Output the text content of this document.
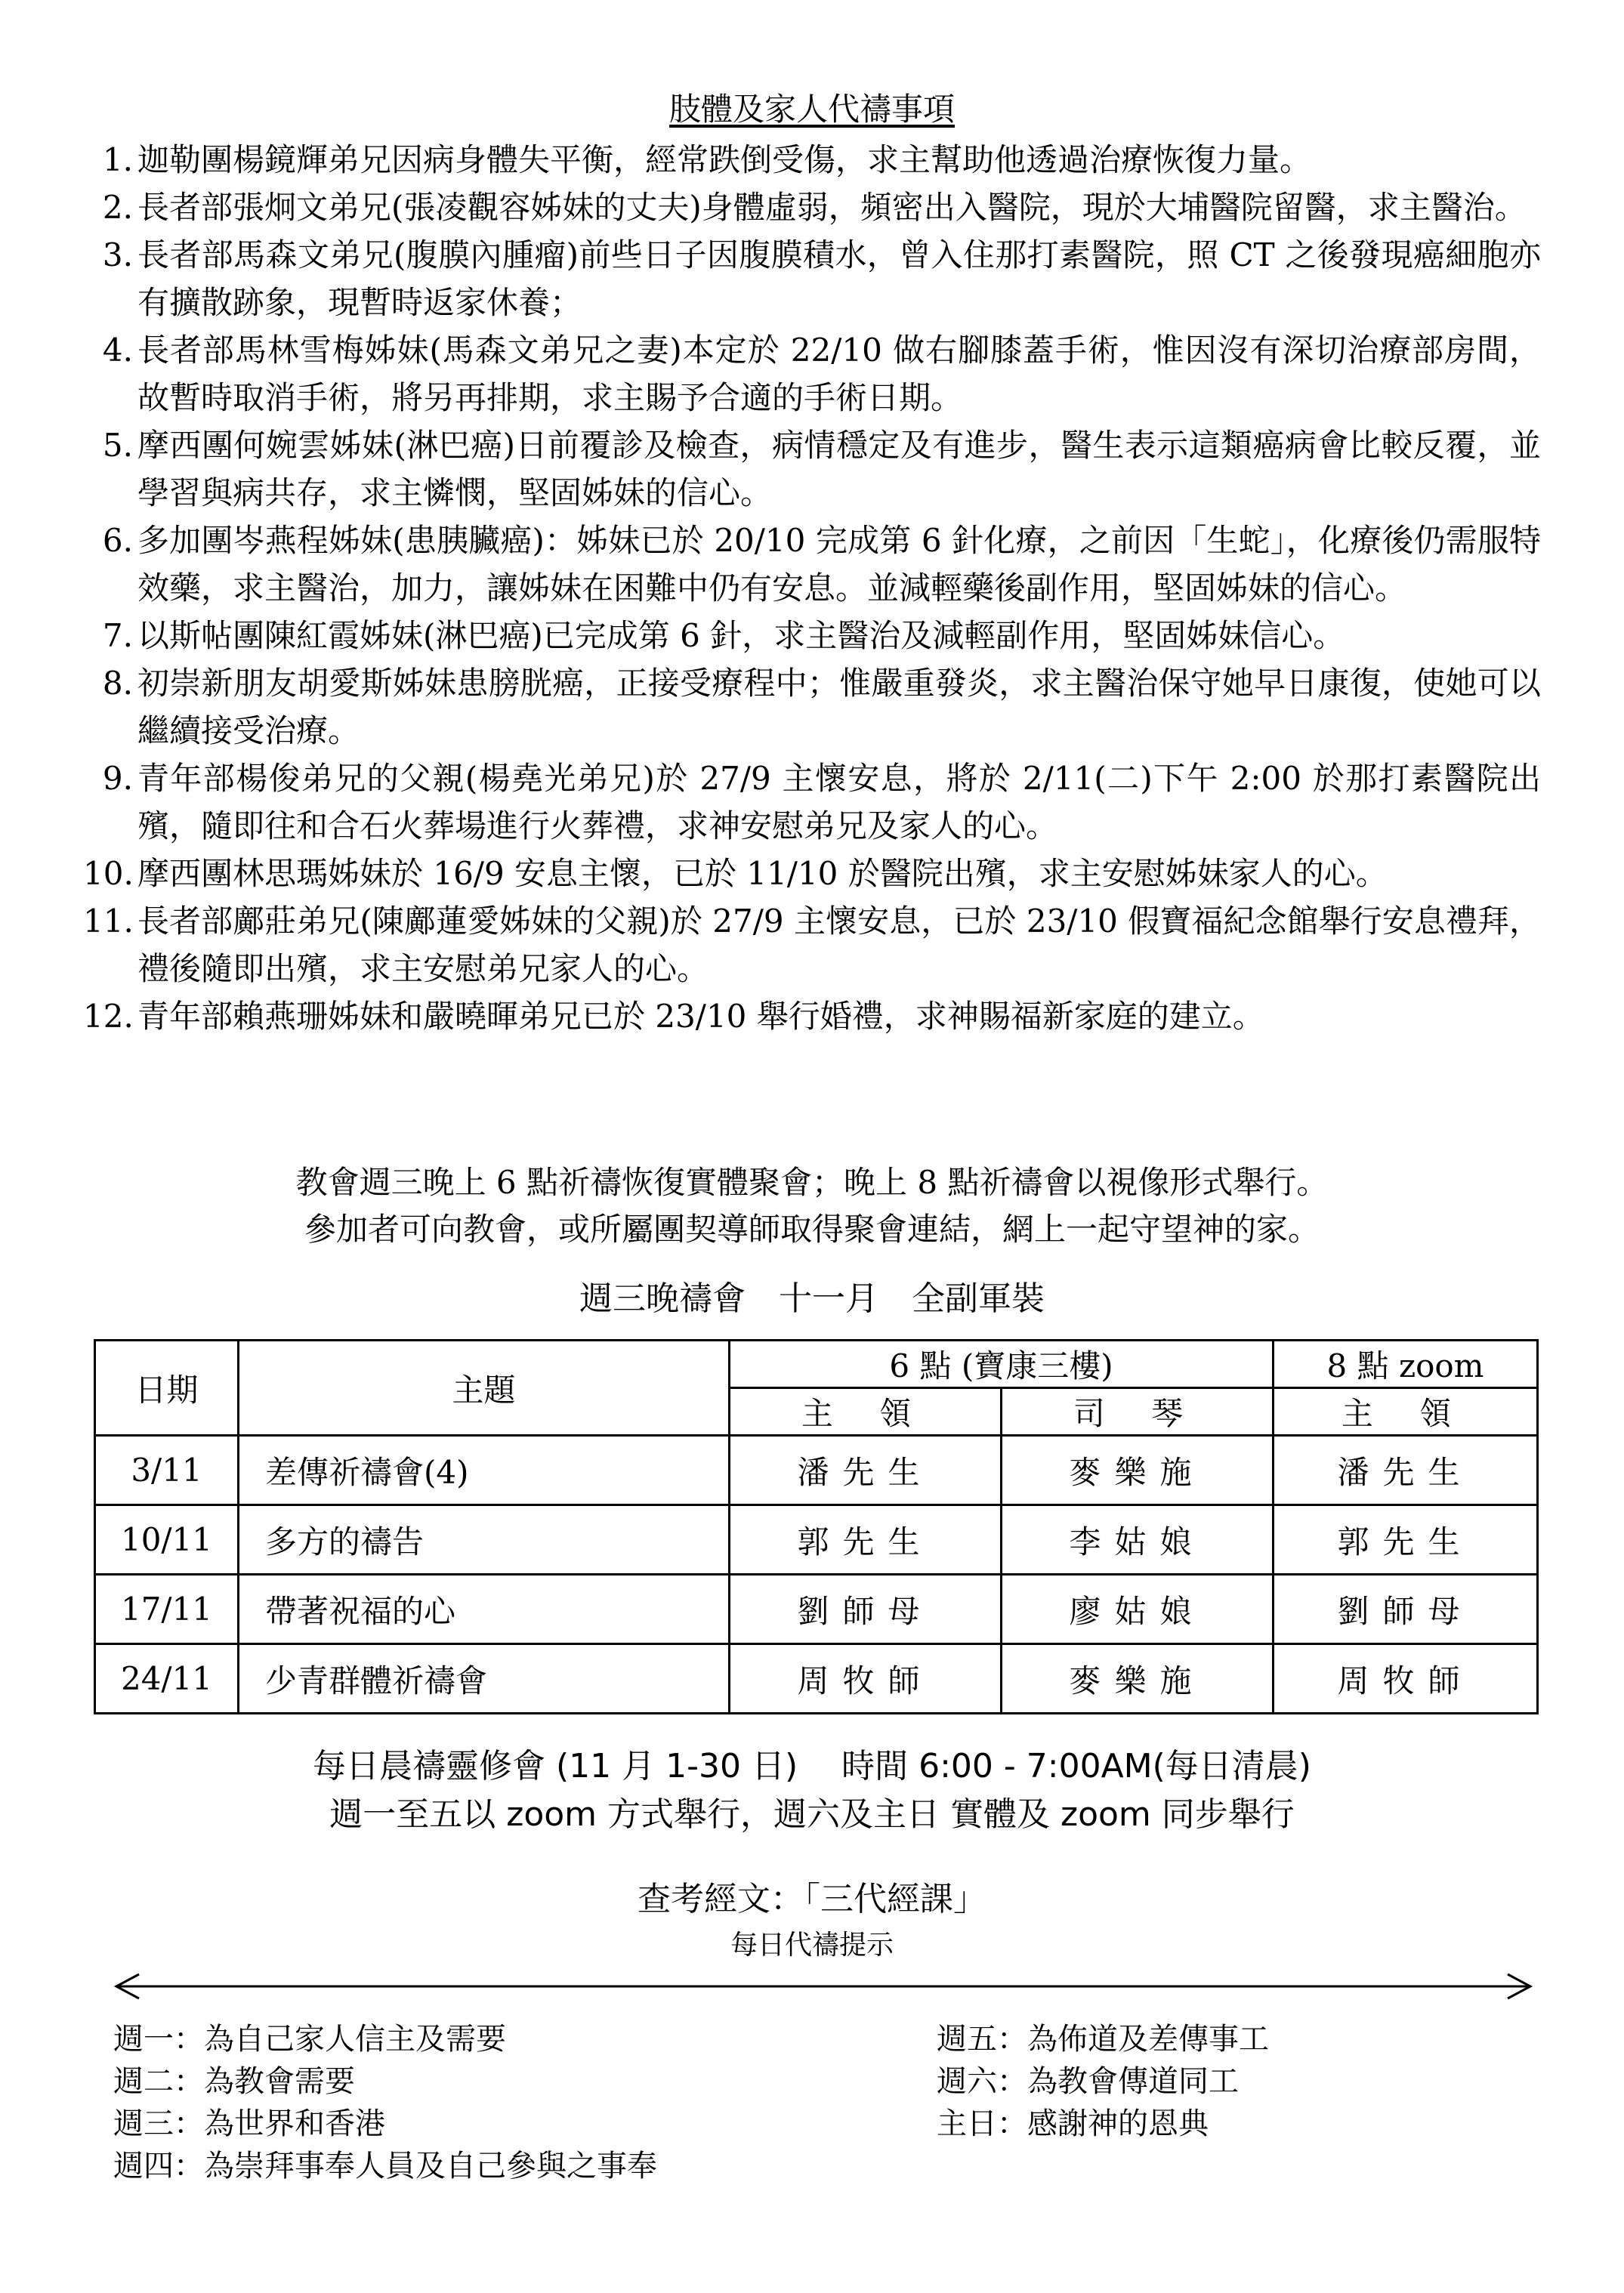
肢體及家人代禱事項
1. 迦勒團楊鏡輝弟兄因病身體失平衡，經常跌倒受傷，求主幫助他透過治療恢復力量。
2. 長者部張炯文弟兄(張凌觀容姊妹的丈夫)身體虛弱，頻密出入醫院，現於大埔醫院留醫，求主醫治。
3. 長者部馬森文弟兄(腹膜內腫瘤)前些日子因腹膜積水，曾入住那打素醫院，照 CT 之後發現癌細胞亦有擴散跡象，現暫時返家休養；
4. 長者部馬林雪梅姊妹(馬森文弟兄之妻)本定於 22/10 做右腳膝蓋手術，惟因沒有深切治療部房間，故暫時取消手術，將另再排期，求主賜予合適的手術日期。
5. 摩西團何婉雲姊妹(淋巴癌)日前覆診及檢查，病情穩定及有進步，醫生表示這類癌病會比較反覆，並學習與病共存，求主憐憫，堅固姊妹的信心。
6. 多加團岑燕程姊妹(患胰臟癌)：姊妹已於 20/10 完成第 6 針化療，之前因「生蛇」，化療後仍需服特效藥，求主醫治，加力，讓姊妹在困難中仍有安息。並減輕藥後副作用，堅固姊妹的信心。
7. 以斯帖團陳紅霞姊妹(淋巴癌)已完成第 6 針，求主醫治及減輕副作用，堅固姊妹信心。
8. 初崇新朋友胡愛斯姊妹患膀胱癌，正接受療程中；惟嚴重發炎，求主醫治保守她早日康復，使她可以繼續接受治療。
9. 青年部楊俊弟兄的父親(楊堯光弟兄)於 27/9 主懷安息，將於 2/11(二)下午 2:00 於那打素醫院出殯，隨即往和合石火葬場進行火葬禮，求神安慰弟兄及家人的心。
10. 摩西團林思瑪姊妹於 16/9 安息主懷，已於 11/10 於醫院出殯，求主安慰姊妹家人的心。
11. 長者部鄺莊弟兄(陳鄺蓮愛姊妹的父親)於 27/9 主懷安息，已於 23/10 假寶福紀念館舉行安息禮拜，禮後隨即出殯，求主安慰弟兄家人的心。
12. 青年部賴燕珊姊妹和嚴曉暉弟兄已於 23/10 舉行婚禮，求神賜福新家庭的建立。
教會週三晚上 6 點祈禱恢復實體聚會；晚上 8 點祈禱會以視像形式舉行。
參加者可向教會，或所屬團契導師取得聚會連結，網上一起守望神的家。
週三晚禱會　十一月　全副軍裝
日期	主題	6 點 (寶康三樓)		8 點 zoom
		主 領	司 琴	主 領
3/11	差傳祈禱會(4)	潘先生	麥樂施	潘先生
10/11	多方的禱告	郭先生	李姑娘	郭先生
17/11	帶著祝福的心	劉師母	廖姑娘	劉師母
24/11	少青群體祈禱會	周牧師	麥樂施	周牧師
每日晨禱靈修會 (11 月 1-30 日)　 時間 6:00 - 7:00AM(每日清晨)
週一至五以 zoom 方式舉行，週六及主日 實體及 zoom 同步舉行
查考經文：「三代經課」
每日代禱提示
週一：為自己家人信主及需要
週二：為教會需要
週三：為世界和香港
週四：為崇拜事奉人員及自己參與之事奉
週五：為佈道及差傳事工
週六：為教會傳道同工
主日：感謝神的恩典
